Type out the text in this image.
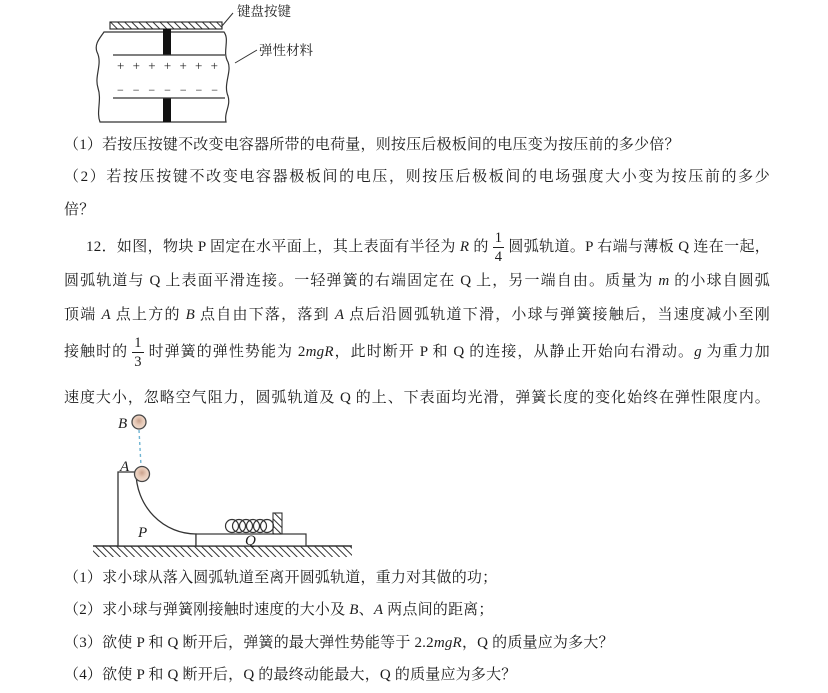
+ + + + + + +
− − − − − − −
键盘按键
弹性材料
（1）若按压按键不改变电容器所带的电荷量，则按压后极板间的电压变为按压前的多少倍？
（2）若按压按键不改变电容器极板间的电压，则按压后极板间的电场强度大小变为按压前的多少
倍？
12．如图，物块 P 固定在水平面上，其上表面有半径为 R 的 $\frac{1}{4}$ 圆弧轨道。P 右端与薄板 Q 连在一起，
圆弧轨道与 Q 上表面平滑连接。一轻弹簧的右端固定在 Q 上，另一端自由。质量为 m 的小球自圆弧
顶端 A 点上方的 B 点自由下落，落到 A 点后沿圆弧轨道下滑，小球与弹簧接触后，当速度减小至刚
接触时的 $\frac{1}{3}$ 时弹簧的弹性势能为 2mgR，此时断开 P 和 Q 的连接，从静止开始向右滑动。g 为重力加
速度大小，忽略空气阻力，圆弧轨道及 Q 的上、下表面均光滑，弹簧长度的变化始终在弹性限度内。
B
A
P	Q
（1）求小球从落入圆弧轨道至离开圆弧轨道，重力对其做的功；
（2）求小球与弹簧刚接触时速度的大小及 B、A 两点间的距离；
（3）欲使 P 和 Q 断开后，弹簧的最大弹性势能等于 2.2mgR，Q 的质量应为多大？
（4）欲使 P 和 Q 断开后，Q 的最终动能最大，Q 的质量应为多大？
